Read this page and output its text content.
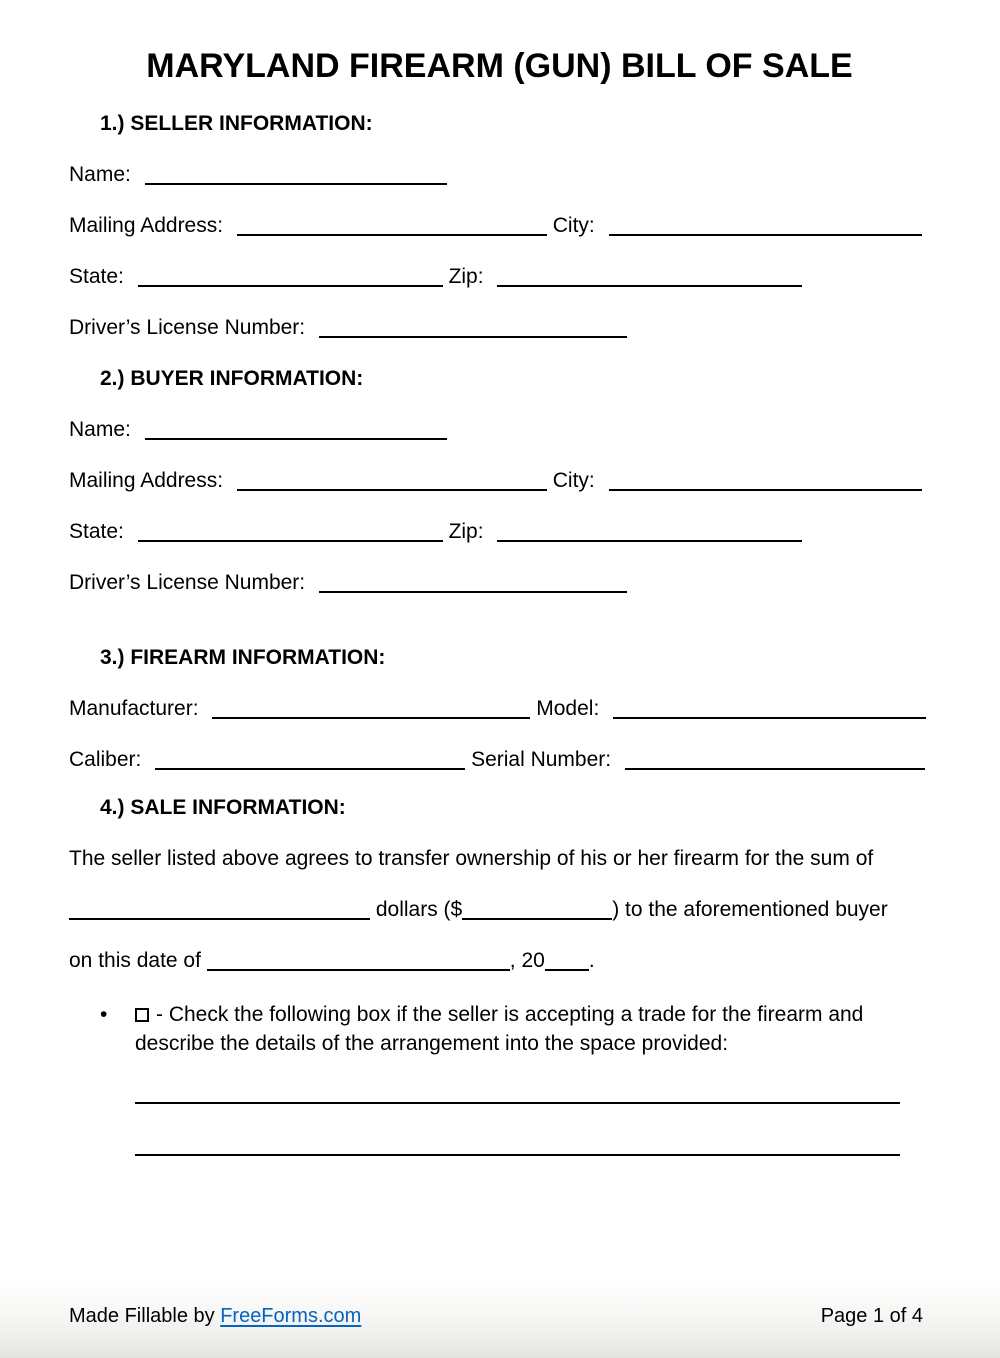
MARYLAND FIREARM (GUN) BILL OF SALE
1.) SELLER INFORMATION:
Name:
Mailing Address:	City:
State:	Zip:
Driver’s License Number:
2.) BUYER INFORMATION:
Name:
Mailing Address:	City:
State:	Zip:
Driver’s License Number:
3.) FIREARM INFORMATION:
Manufacturer:	Model:
Caliber:	Serial Number:
4.) SALE INFORMATION:
The seller listed above agrees to transfer ownership of his or her firearm for the sum of
dollars ($	) to the aforementioned buyer
on this date of	, 20 .
•	- Check the following box if the seller is accepting a trade for the firearm and describe the details of the arrangement into the space provided:
Made Fillable by FreeForms.com	Page 1 of 4
